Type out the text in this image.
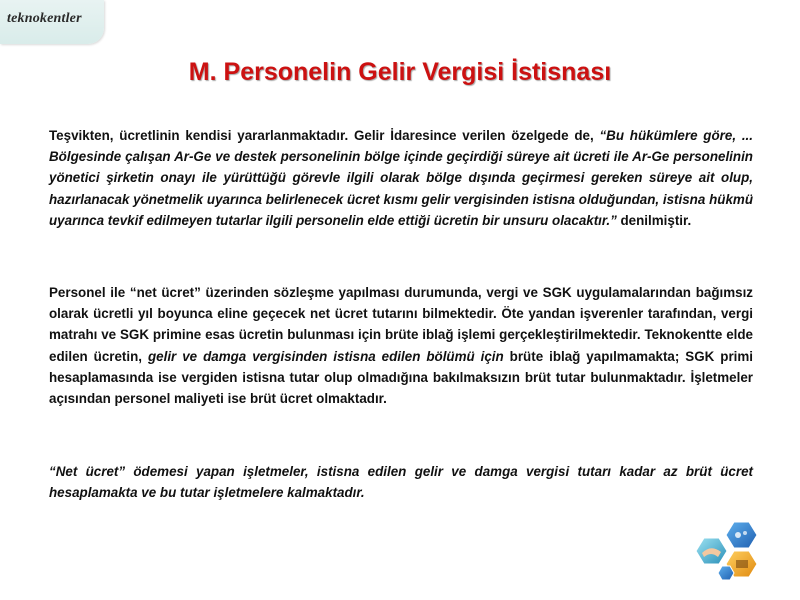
teknokentler
M. Personelin Gelir Vergisi İstisnası

Teşvikten, ücretlinin kendisi yararlanmaktadır. Gelir İdaresince verilen özelgede de, “Bu hükümlere göre, ... Bölgesinde çalışan Ar-Ge ve destek personelinin bölge içinde geçirdiği süreye ait ücreti ile Ar-Ge personelinin yönetici şirketin onayı ile yürüttüğü görevle ilgili olarak bölge dışında geçirmesi gereken süreye ait olup, hazırlanacak yönetmelik uyarınca belirlenecek ücret kısmı gelir vergisinden istisna olduğundan, istisna hükmü uyarınca tevkif edilmeyen tutarlar ilgili personelin elde ettiği ücretin bir unsuru olacaktır.” denilmiştir.

Personel ile “net ücret” üzerinden sözleşme yapılması durumunda, vergi ve SGK uygulamalarından bağımsız olarak ücretli yıl boyunca eline geçecek net ücret tutarını bilmektedir. Öte yandan işverenler tarafından, vergi matrahı ve SGK primine esas ücretin bulunması için brüte iblağ işlemi gerçekleştirilmektedir. Teknokentte elde edilen ücretin, gelir ve damga vergisinden istisna edilen bölümü için brüte iblağ yapılmamakta; SGK primi hesaplamasında ise vergiden istisna tutar olup olmadığına bakılmaksızın brüt tutar bulunmaktadır. İşletmeler açısından personel maliyeti ise brüt ücret olmaktadır.

“Net ücret” ödemesi yapan işletmeler, istisna edilen gelir ve damga vergisi tutarı kadar az brüt ücret hesaplamakta ve bu tutar işletmelere kalmaktadır.
